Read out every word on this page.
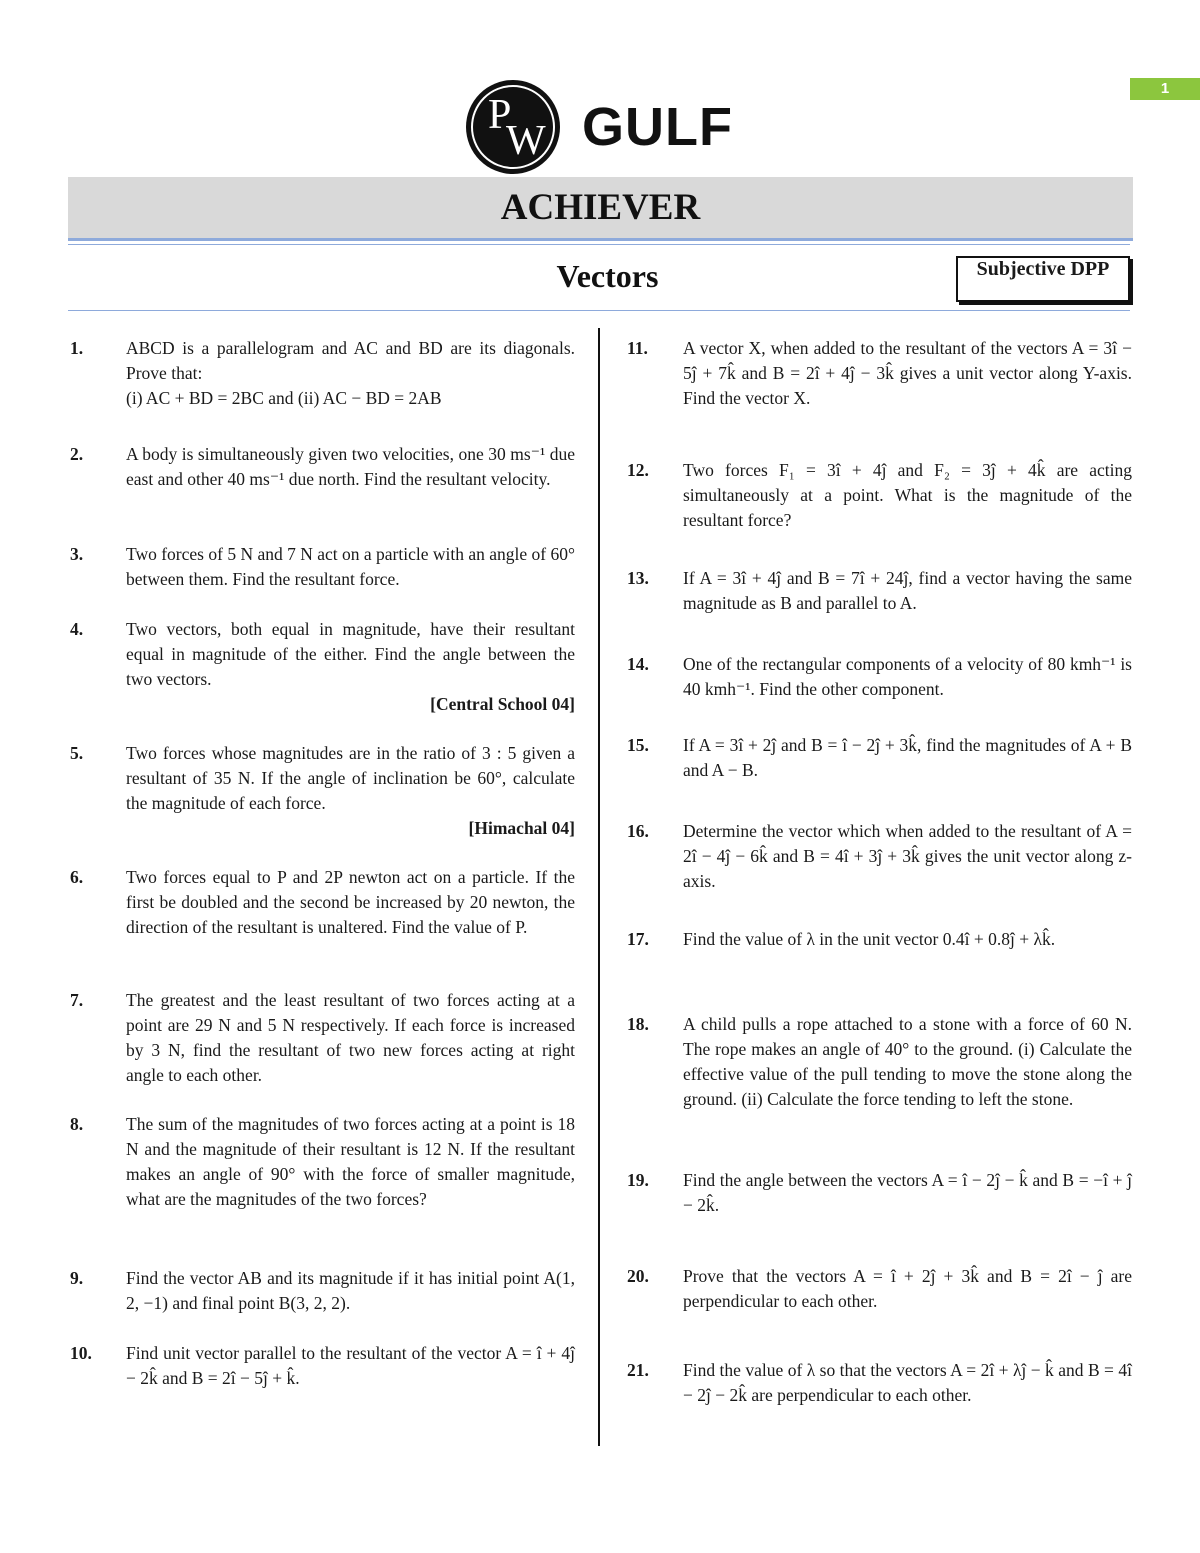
1
P
W GULF
ACHIEVER
Vectors	Subjective DPP
1. ABCD is a parallelogram and AC and BD are its diagonals. Prove that:

(i) AC + BD = 2BC and (ii) AC − BD = 2AB

2. A body is simultaneously given two velocities, one 30 ms⁻¹ due east and other 40 ms⁻¹ due north. Find the resultant velocity.

3. Two forces of 5 N and 7 N act on a particle with an angle of 60° between them. Find the resultant force.

4. Two vectors, both equal in magnitude, have their resultant equal in magnitude of the either. Find the angle between the two vectors.

[Central School 04]

5. Two forces whose magnitudes are in the ratio of 3 : 5 given a resultant of 35 N. If the angle of inclination be 60°, calculate the magnitude of each force.

[Himachal 04]

6. Two forces equal to P and 2P newton act on a particle. If the first be doubled and the second be increased by 20 newton, the direction of the resultant is unaltered. Find the value of P.

7. The greatest and the least resultant of two forces acting at a point are 29 N and 5 N respectively. If each force is increased by 3 N, find the resultant of two new forces acting at right angle to each other.

8. The sum of the magnitudes of two forces acting at a point is 18 N and the magnitude of their resultant is 12 N. If the resultant makes an angle of 90° with the force of smaller magnitude, what are the magnitudes of the two forces?

9. Find the vector AB and its magnitude if it has initial point A(1, 2, −1) and final point B(3, 2, 2).

10. Find unit vector parallel to the resultant of the vector A = î + 4ĵ − 2k̂ and B = 2î − 5ĵ + k̂.

11. A vector X, when added to the resultant of the vectors A = 3î − 5ĵ + 7k̂ and B = 2î + 4ĵ − 3k̂ gives a unit vector along Y-axis. Find the vector X.

12. Two forces F₁ = 3î + 4ĵ and F₂ = 3ĵ + 4k̂ are acting simultaneously at a point. What is the magnitude of the resultant force?

13. If A = 3î + 4ĵ and B = 7î + 24ĵ, find a vector having the same magnitude as B and parallel to A.

14. One of the rectangular components of a velocity of 80 kmh⁻¹ is 40 kmh⁻¹. Find the other component.

15. If A = 3î + 2ĵ and B = î − 2ĵ + 3k̂, find the magnitudes of A + B and A − B.

16. Determine the vector which when added to the resultant of A = 2î − 4ĵ − 6k̂ and B = 4î + 3ĵ + 3k̂ gives the unit vector along z-axis.

17. Find the value of λ in the unit vector 0.4î + 0.8ĵ + λk̂.

18. A child pulls a rope attached to a stone with a force of 60 N. The rope makes an angle of 40° to the ground. (i) Calculate the effective value of the pull tending to move the stone along the ground. (ii) Calculate the force tending to left the stone.

19. Find the angle between the vectors A = î − 2ĵ − k̂ and B = −î + ĵ − 2k̂.

20. Prove that the vectors A = î + 2ĵ + 3k̂ and B = 2î − ĵ are perpendicular to each other.

21. Find the value of λ so that the vectors A = 2î + λĵ − k̂ and B = 4î − 2ĵ − 2k̂ are perpendicular to each other.
